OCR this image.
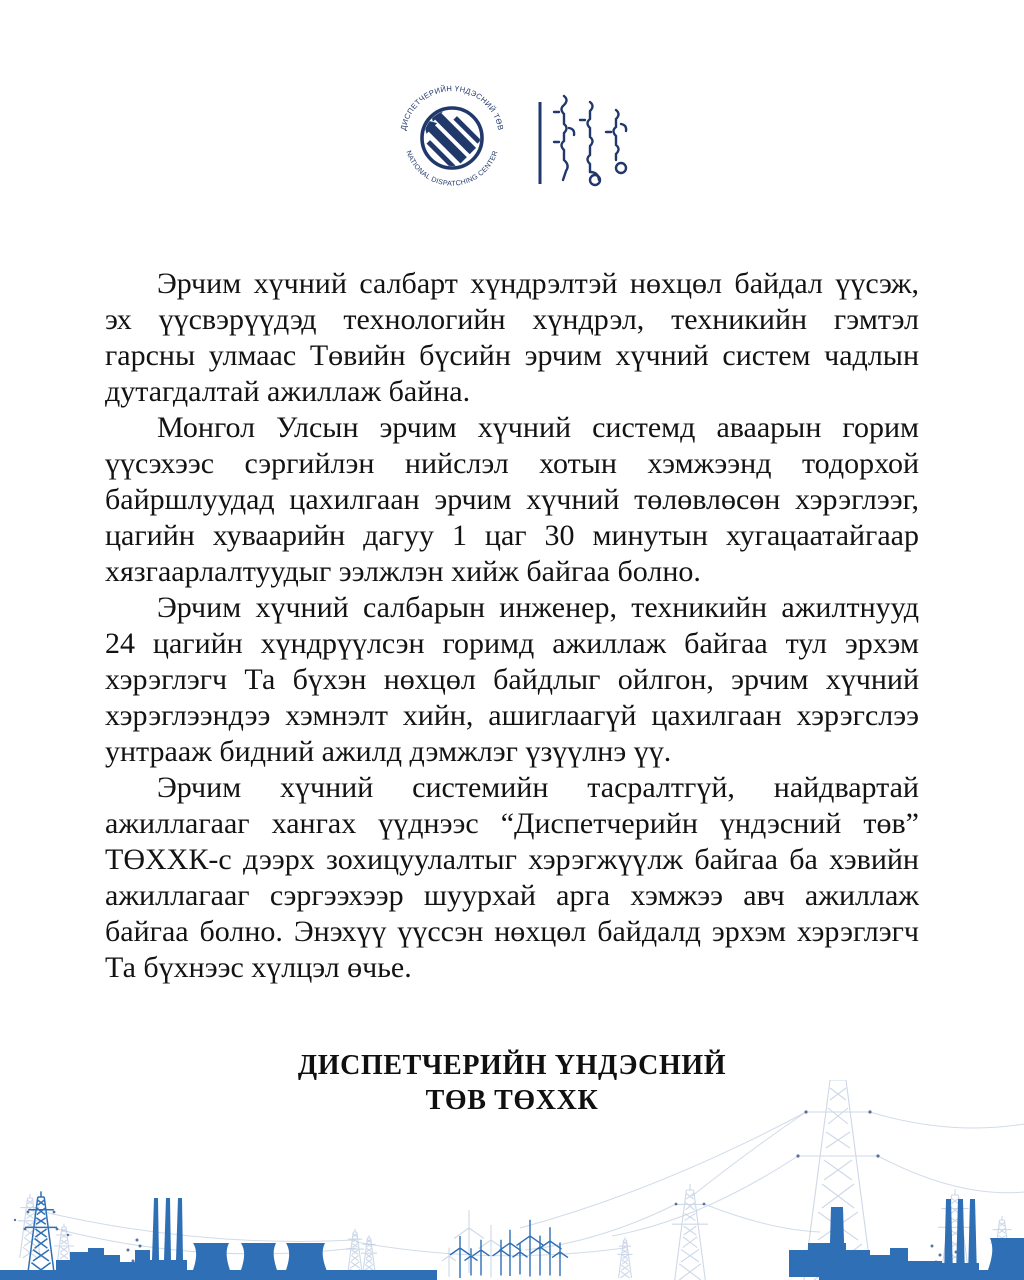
ДИСПЕТЧЕРИЙН ҮНДЭСНИЙ ТӨВ
NATIONAL DISPATCHING CENTER

Эрчим хүчний салбарт хүндрэлтэй нөхцөл байдал үүсэж, эх үүсвэрүүдэд технологийн хүндрэл, техникийн гэмтэл гарсны улмаас Төвийн бүсийн эрчим хүчний систем чадлын дутагдалтай ажиллаж байна.

Монгол Улсын эрчим хүчний системд аваарын горим үүсэхээс сэргийлэн нийслэл хотын хэмжээнд тодорхой байршлуудад цахилгаан эрчим хүчний төлөвлөсөн хэрэглээг, цагийн хуваарийн дагуу 1 цаг 30 минутын хугацаатайгаар хязгаарлалтуудыг ээлжлэн хийж байгаа болно.

Эрчим хүчний салбарын инженер, техникийн ажилтнууд 24 цагийн хүндрүүлсэн горимд ажиллаж байгаа тул эрхэм хэрэглэгч Та бүхэн нөхцөл байдлыг ойлгон, эрчим хүчний хэрэглээндээ хэмнэлт хийн, ашиглаагүй цахилгаан хэрэгслээ унтрааж бидний ажилд дэмжлэг үзүүлнэ үү.

Эрчим хүчний системийн тасралтгүй, найдвартай ажиллагааг хангах үүднээс “Диспетчерийн үндэсний төв” ТӨХХК-с дээрх зохицуулалтыг хэрэгжүүлж байгаа ба хэвийн ажиллагааг сэргээхээр шуурхай арга хэмжээ авч ажиллаж байгаа болно. Энэхүү үүссэн нөхцөл байдалд эрхэм хэрэглэгч Та бүхнээс хүлцэл өчье.

ДИСПЕТЧЕРИЙН ҮНДЭСНИЙ
ТӨВ ТӨХХК
